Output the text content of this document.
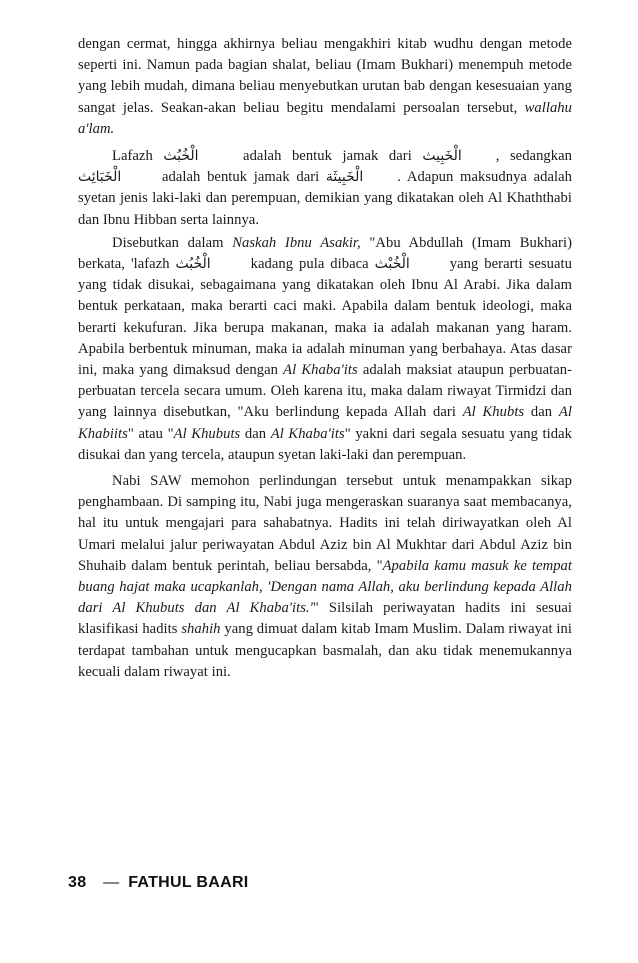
dengan cermat, hingga akhirnya beliau mengakhiri kitab wudhu dengan metode seperti ini. Namun pada bagian shalat, beliau (Imam Bukhari) menempuh metode yang lebih mudah, dimana beliau menyebutkan urutan bab dengan kesesuaian yang sangat jelas. Seakan-akan beliau begitu mendalami persoalan tersebut, wallahu a'lam.

Lafazh الْخُبُث	adalah bentuk jamak dari الْخَبِيث , sedangkan الْخَبَائِث	adalah bentuk jamak dari الْخَبِيثَة . Adapun maksudnya adalah syetan jenis laki-laki dan perempuan, demikian yang dikatakan oleh Al Khaththabi dan Ibnu Hibban serta lainnya.

Disebutkan dalam Naskah Ibnu Asakir, "Abu Abdullah (Imam Bukhari) berkata, 'lafazh الْخُبُث	kadang pula dibaca الْخُبْث	yang berarti sesuatu yang tidak disukai, sebagaimana yang dikatakan oleh Ibnu Al Arabi. Jika dalam bentuk perkataan, maka berarti caci maki. Apabila dalam bentuk ideologi, maka berarti kekufuran. Jika berupa makanan, maka ia adalah makanan yang haram. Apabila berbentuk minuman, maka ia adalah minuman yang berbahaya. Atas dasar ini, maka yang dimaksud dengan Al Khaba'its adalah maksiat ataupun perbuatan-perbuatan tercela secara umum. Oleh karena itu, maka dalam riwayat Tirmidzi dan yang lainnya disebutkan, "Aku berlindung kepada Allah dari Al Khubts dan Al Khabiits" atau "Al Khubuts dan Al Khaba'its" yakni dari segala sesuatu yang tidak disukai dan yang tercela, ataupun syetan laki-laki dan perempuan.

Nabi SAW memohon perlindungan tersebut untuk menampakkan sikap penghambaan. Di samping itu, Nabi juga mengeraskan suaranya saat membacanya, hal itu untuk mengajari para sahabatnya. Hadits ini telah diriwayatkan oleh Al Umari melalui jalur periwayatan Abdul Aziz bin Al Mukhtar dari Abdul Aziz bin Shuhaib dalam bentuk perintah, beliau bersabda, "Apabila kamu masuk ke tempat buang hajat maka ucapkanlah, 'Dengan nama Allah, aku berlindung kepada Allah dari Al Khubuts dan Al Khaba'its.'" Silsilah periwayatan hadits ini sesuai klasifikasi hadits shahih yang dimuat dalam kitab Imam Muslim. Dalam riwayat ini terdapat tambahan untuk mengucapkan basmalah, dan aku tidak menemukannya kecuali dalam riwayat ini.

38 — FATHUL BAARI
